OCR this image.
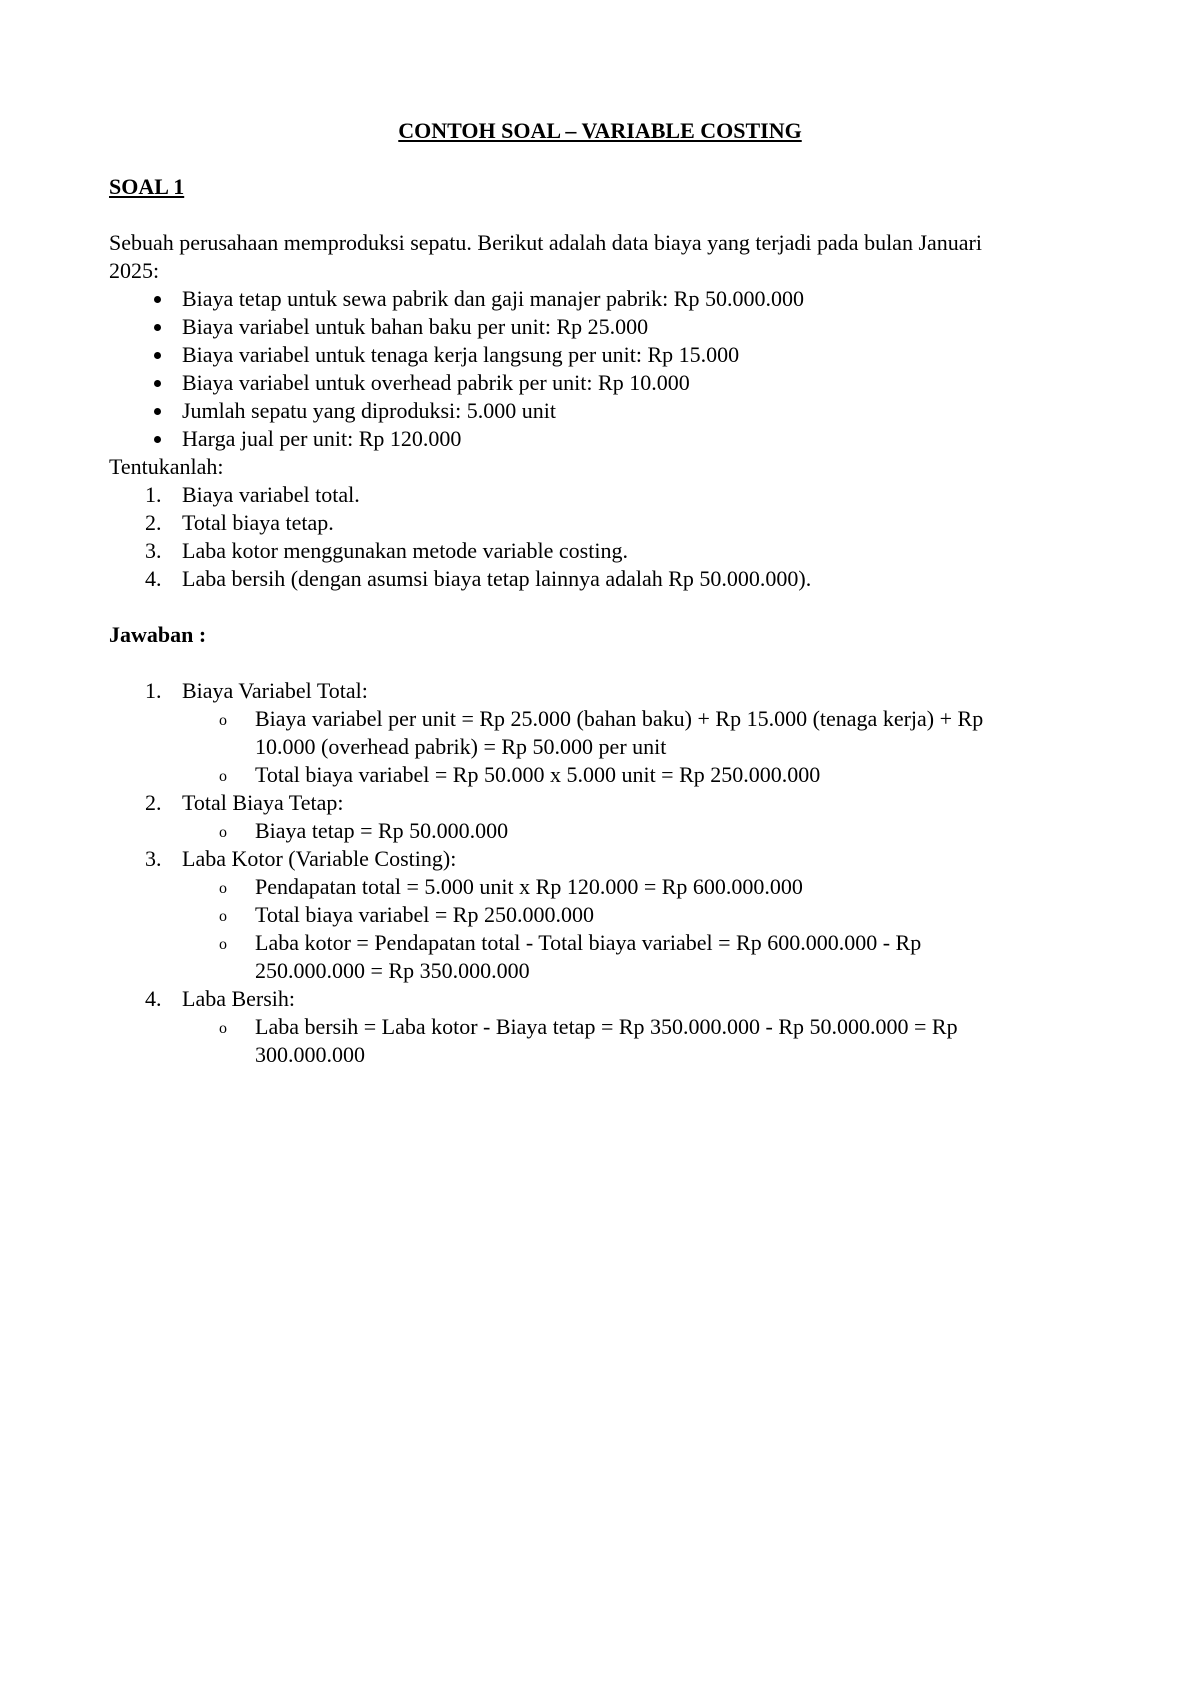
CONTOH SOAL – VARIABLE COSTING
SOAL 1
Sebuah perusahaan memproduksi sepatu. Berikut adalah data biaya yang terjadi pada bulan Januari
2025:
Biaya tetap untuk sewa pabrik dan gaji manajer pabrik: Rp 50.000.000
Biaya variabel untuk bahan baku per unit: Rp 25.000
Biaya variabel untuk tenaga kerja langsung per unit: Rp 15.000
Biaya variabel untuk overhead pabrik per unit: Rp 10.000
Jumlah sepatu yang diproduksi: 5.000 unit
Harga jual per unit: Rp 120.000
Tentukanlah:
1. Biaya variabel total.
2. Total biaya tetap.
3. Laba kotor menggunakan metode variable costing.
4. Laba bersih (dengan asumsi biaya tetap lainnya adalah Rp 50.000.000).
Jawaban :
1. Biaya Variabel Total:
o Biaya variabel per unit = Rp 25.000 (bahan baku) + Rp 15.000 (tenaga kerja) + Rp
10.000 (overhead pabrik) = Rp 50.000 per unit
o Total biaya variabel = Rp 50.000 x 5.000 unit = Rp 250.000.000
2. Total Biaya Tetap:
o Biaya tetap = Rp 50.000.000
3. Laba Kotor (Variable Costing):
o Pendapatan total = 5.000 unit x Rp 120.000 = Rp 600.000.000
o Total biaya variabel = Rp 250.000.000
o Laba kotor = Pendapatan total - Total biaya variabel = Rp 600.000.000 - Rp
250.000.000 = Rp 350.000.000
4. Laba Bersih:
o Laba bersih = Laba kotor - Biaya tetap = Rp 350.000.000 - Rp 50.000.000 = Rp
300.000.000
